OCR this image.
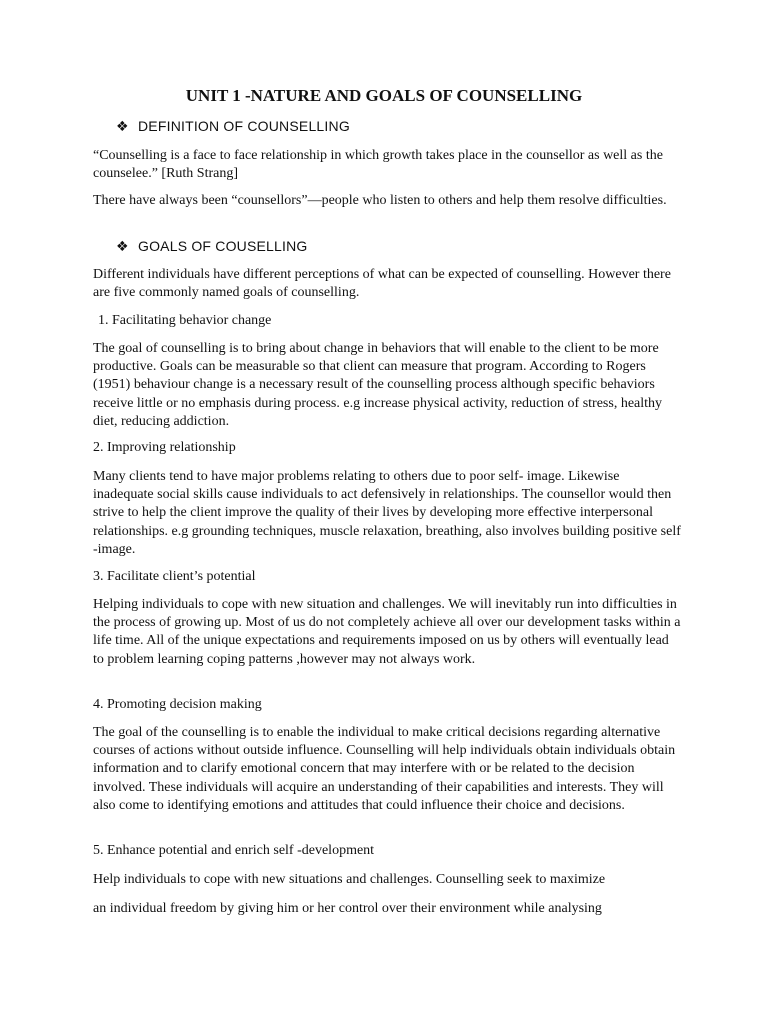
UNIT 1 -NATURE AND GOALS OF COUNSELLING

❖ DEFINITION OF COUNSELLING

“Counselling is a face to face relationship in which growth takes place in the counsellor as well as the counselee.” [Ruth Strang]

There have always been “counsellors”—people who listen to others and help them resolve difficulties.

❖ GOALS OF COUSELLING

Different individuals have different perceptions of what can be expected of counselling. However there are five commonly named goals of counselling.

1. Facilitating behavior change

The goal of counselling is to bring about change in behaviors that will enable to the client to be more productive. Goals can be measurable so that client can measure that program. According to Rogers (1951) behaviour change is a necessary result of the counselling process although specific behaviors receive little or no emphasis during process. e.g increase physical activity, reduction of stress, healthy diet, reducing addiction.

2. Improving relationship

Many clients tend to have major problems relating to others due to poor self- image. Likewise inadequate social skills cause individuals to act defensively in relationships. The counsellor would then strive to help the client improve the quality of their lives by developing more effective interpersonal relationships. e.g grounding techniques, muscle relaxation, breathing, also involves building positive self -image.

3. Facilitate client’s potential

Helping individuals to cope with new situation and challenges. We will inevitably run into difficulties in the process of growing up. Most of us do not completely achieve all over our development tasks within a life time. All of the unique expectations and requirements imposed on us by others will eventually lead to problem learning coping patterns ,however may not always work.

4. Promoting decision making

The goal of the counselling is to enable the individual to make critical decisions regarding alternative courses of actions without outside influence. Counselling will help individuals obtain individuals obtain information and to clarify emotional concern that may interfere with or be related to the decision involved. These individuals will acquire an understanding of their capabilities and interests. They will also come to identifying emotions and attitudes that could influence their choice and decisions.

5. Enhance potential and enrich self -development

Help individuals to cope with new situations and challenges. Counselling seek to maximize

an individual freedom by giving him or her control over their environment while analysing
